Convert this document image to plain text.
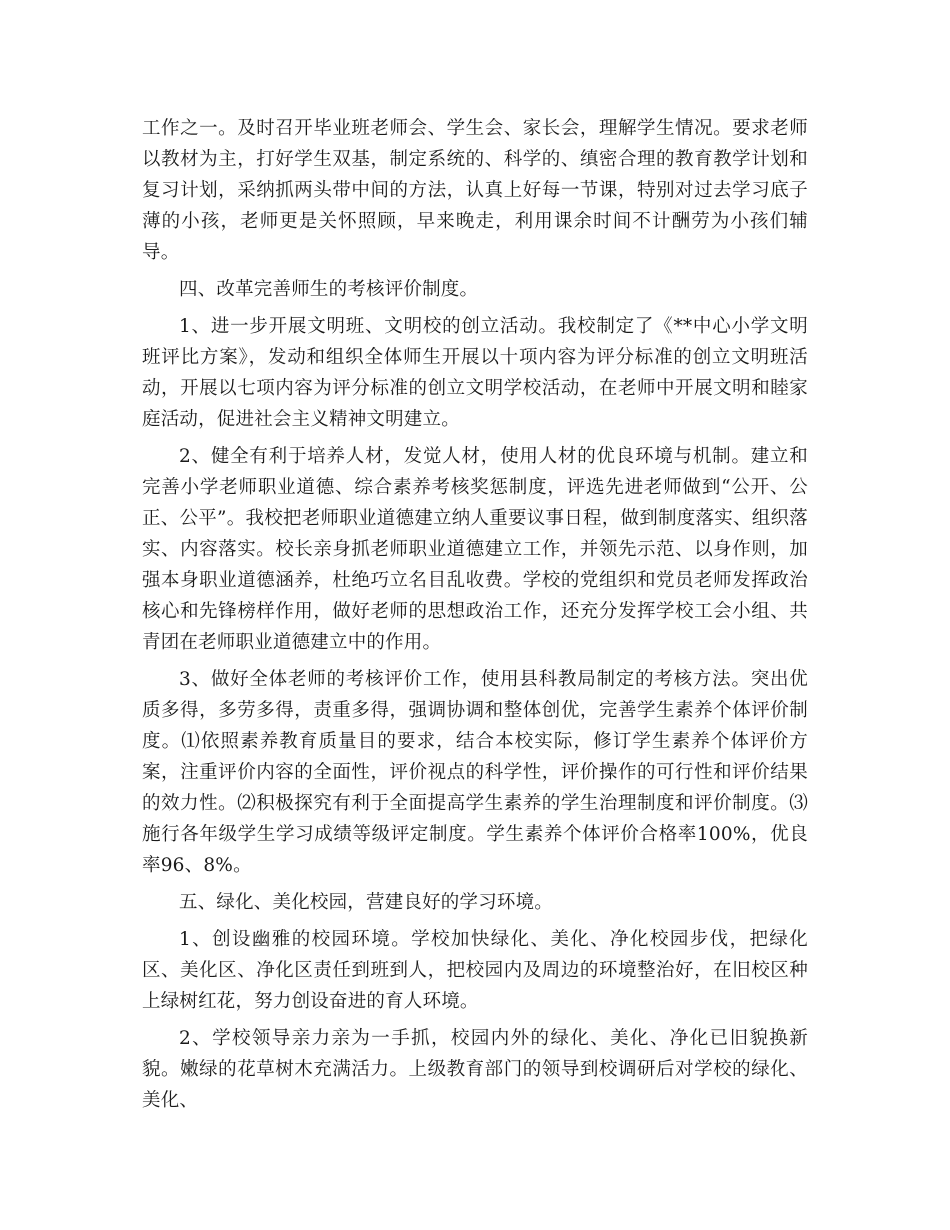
工作之一。及时召开毕业班老师会、学生会、家长会，理解学生情况。要求老师以教材为主，打好学生双基，制定系统的、科学的、缜密合理的教育教学计划和复习计划，采纳抓两头带中间的方法，认真上好每一节课，特别对过去学习底子薄的小孩，老师更是关怀照顾，早来晚走，利用课余时间不计酬劳为小孩们辅导。

四、改革完善师生的考核评价制度。

1、进一步开展文明班、文明校的创立活动。我校制定了《**中心小学文明班评比方案》，发动和组织全体师生开展以十项内容为评分标准的创立文明班活动，开展以七项内容为评分标准的创立文明学校活动，在老师中开展文明和睦家庭活动，促进社会主义精神文明建立。

2、健全有利于培养人材，发觉人材，使用人材的优良环境与机制。建立和完善小学老师职业道德、综合素养考核奖惩制度，评选先进老师做到“公开、公正、公平”。我校把老师职业道德建立纳人重要议事日程，做到制度落实、组织落实、内容落实。校长亲身抓老师职业道德建立工作，并领先示范、以身作则，加强本身职业道德涵养，杜绝巧立名目乱收费。学校的党组织和党员老师发挥政治核心和先锋榜样作用，做好老师的思想政治工作，还充分发挥学校工会小组、共青团在老师职业道德建立中的作用。

3、做好全体老师的考核评价工作，使用县科教局制定的考核方法。突出优质多得，多劳多得，责重多得，强调协调和整体创优，完善学生素养个体评价制度。⑴依照素养教育质量目的要求，结合本校实际，修订学生素养个体评价方案，注重评价内容的全面性，评价视点的科学性，评价操作的可行性和评价结果的效力性。⑵积极探究有利于全面提高学生素养的学生治理制度和评价制度。⑶施行各年级学生学习成绩等级评定制度。学生素养个体评价合格率100%，优良率96、8%。

五、绿化、美化校园，营建良好的学习环境。

1、创设幽雅的校园环境。学校加快绿化、美化、净化校园步伐，把绿化区、美化区、净化区责任到班到人，把校园内及周边的环境整治好，在旧校区种上绿树红花，努力创设奋进的育人环境。

2、学校领导亲力亲为一手抓，校园内外的绿化、美化、净化已旧貌换新貌。嫩绿的花草树木充满活力。上级教育部门的领导到校调研后对学校的绿化、美化、
